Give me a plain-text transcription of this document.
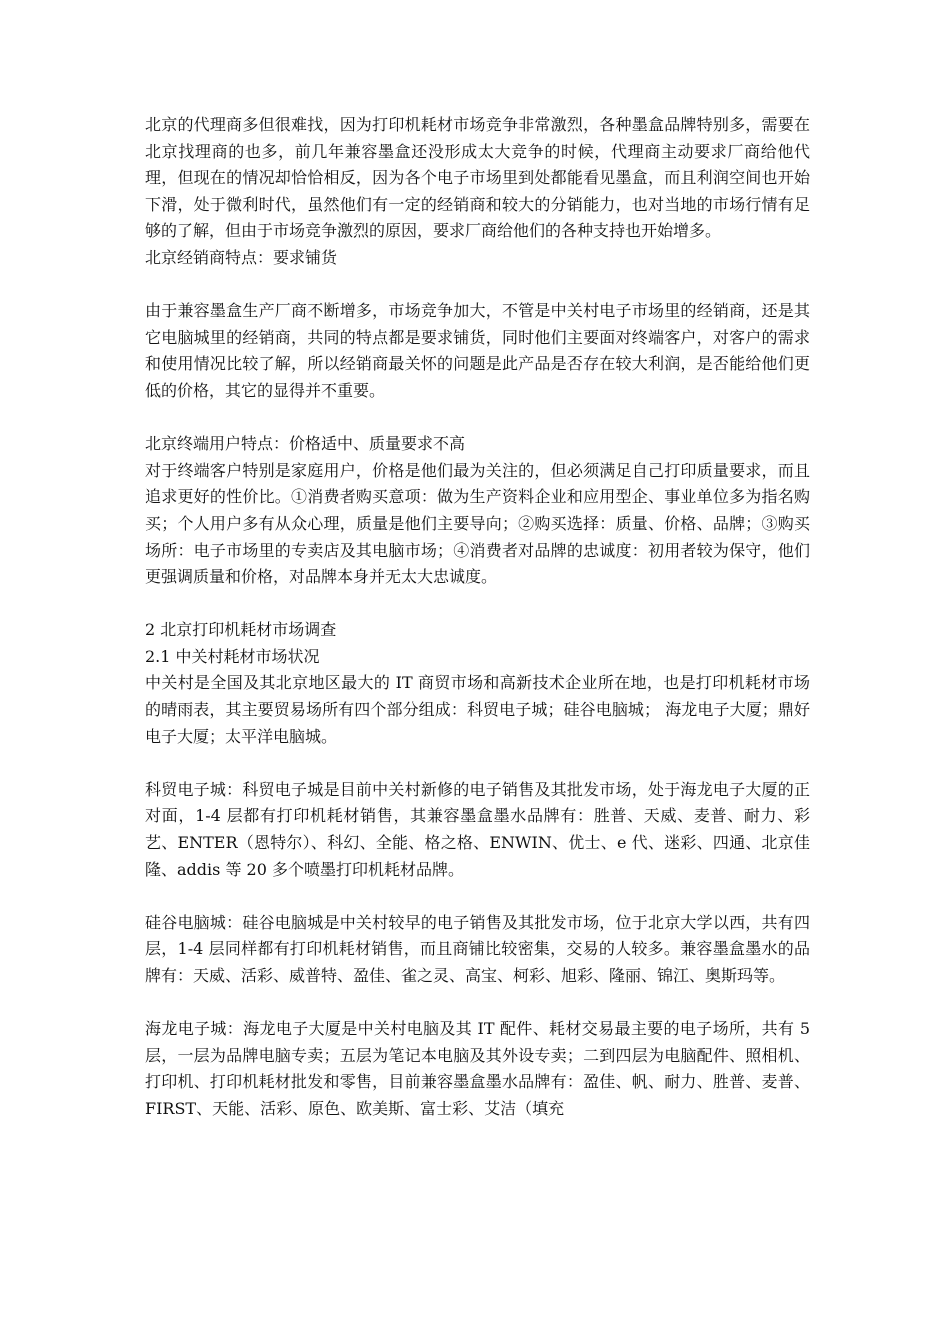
北京的代理商多但很难找，因为打印机耗材市场竞争非常激烈，各种墨盒品牌特别多，需要在北京找理商的也多，前几年兼容墨盒还没形成太大竞争的时候，代理商主动要求厂商给他代理，但现在的情况却恰恰相反，因为各个电子市场里到处都能看见墨盒，而且利润空间也开始下滑，处于微利时代，虽然他们有一定的经销商和较大的分销能力，也对当地的市场行情有足够的了解，但由于市场竞争激烈的原因，要求厂商给他们的各种支持也开始增多。

北京经销商特点：要求铺货

由于兼容墨盒生产厂商不断增多，市场竞争加大，不管是中关村电子市场里的经销商，还是其它电脑城里的经销商，共同的特点都是要求铺货，同时他们主要面对终端客户，对客户的需求和使用情况比较了解，所以经销商最关怀的问题是此产品是否存在较大利润，是否能给他们更低的价格，其它的显得并不重要。

北京终端用户特点：价格适中、质量要求不高

对于终端客户特别是家庭用户，价格是他们最为关注的，但必须满足自己打印质量要求，而且追求更好的性价比。①消费者购买意项：做为生产资料企业和应用型企、事业单位多为指名购买；个人用户多有从众心理，质量是他们主要导向；②购买选择：质量、价格、品牌；③购买场所：电子市场里的专卖店及其电脑市场；④消费者对品牌的忠诚度：初用者较为保守，他们更强调质量和价格，对品牌本身并无太大忠诚度。

2 北京打印机耗材市场调查

2.1 中关村耗材市场状况

中关村是全国及其北京地区最大的 IT 商贸市场和高新技术企业所在地，也是打印机耗材市场的晴雨表，其主要贸易场所有四个部分组成：科贸电子城；硅谷电脑城； 海龙电子大厦；鼎好电子大厦；太平洋电脑城。

科贸电子城：科贸电子城是目前中关村新修的电子销售及其批发市场，处于海龙电子大厦的正对面，1-4 层都有打印机耗材销售，其兼容墨盒墨水品牌有：胜普、天威、麦普、耐力、彩艺、ENTER（恩特尔）、科幻、全能、格之格、ENWIN、优士、e 代、迷彩、四通、北京佳隆、addis 等 20 多个喷墨打印机耗材品牌。

硅谷电脑城：硅谷电脑城是中关村较早的电子销售及其批发市场，位于北京大学以西，共有四层，1-4 层同样都有打印机耗材销售，而且商铺比较密集，交易的人较多。兼容墨盒墨水的品牌有：天威、活彩、威普特、盈佳、雀之灵、高宝、柯彩、旭彩、隆丽、锦江、奥斯玛等。

海龙电子城：海龙电子大厦是中关村电脑及其 IT 配件、耗材交易最主要的电子场所，共有 5 层，一层为品牌电脑专卖；五层为笔记本电脑及其外设专卖；二到四层为电脑配件、照相机、打印机、打印机耗材批发和零售，目前兼容墨盒墨水品牌有：盈佳、帆、耐力、胜普、麦普、FIRST、天能、活彩、原色、欧美斯、富士彩、艾洁（填充
